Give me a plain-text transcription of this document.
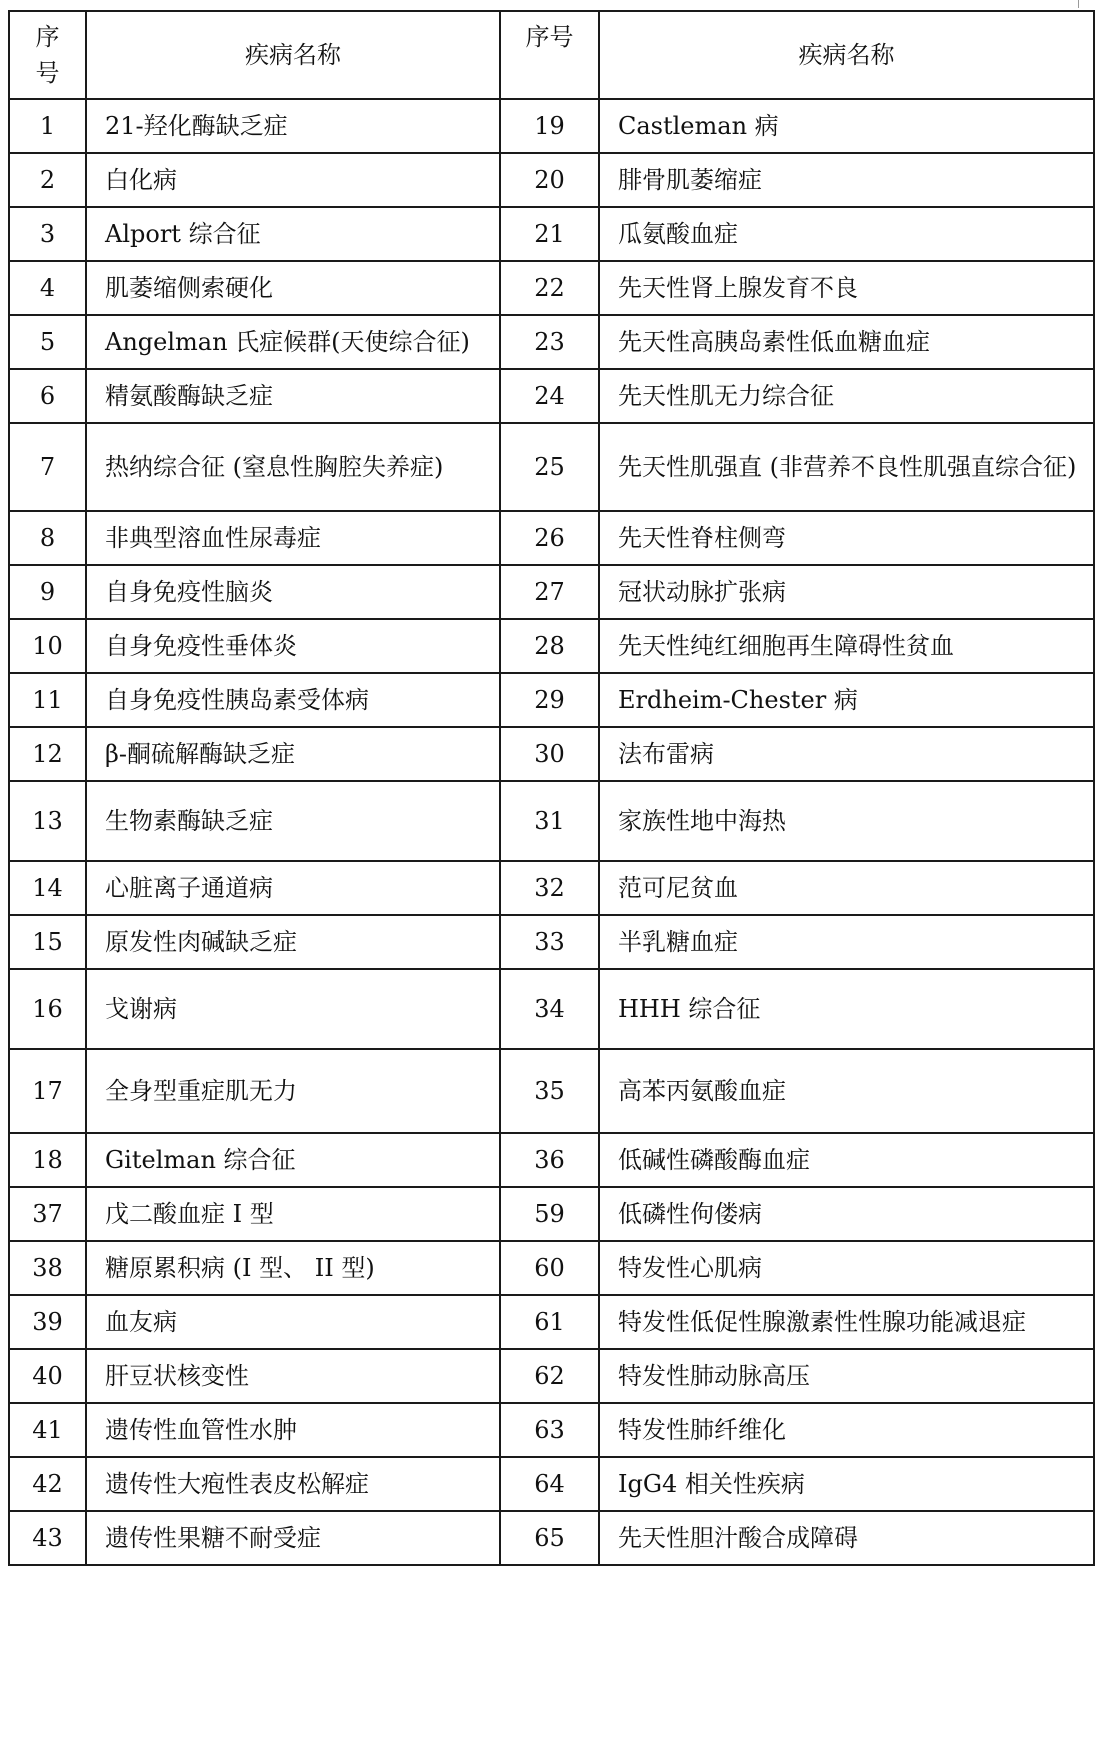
序号	疾病名称	序号	疾病名称
1	21-羟化酶缺乏症	19	Castleman 病
2	白化病	20	腓骨肌萎缩症
3	Alport 综合征	21	瓜氨酸血症
4	肌萎缩侧索硬化	22	先天性肾上腺发育不良
5	Angelman 氏症候群(天使综合征)	23	先天性高胰岛素性低血糖血症
6	精氨酸酶缺乏症	24	先天性肌无力综合征
7	热纳综合征 (窒息性胸腔失养症)	25	先天性肌强直 (非营养不良性肌强直综合征)
8	非典型溶血性尿毒症	26	先天性脊柱侧弯
9	自身免疫性脑炎	27	冠状动脉扩张病
10	自身免疫性垂体炎	28	先天性纯红细胞再生障碍性贫血
11	自身免疫性胰岛素受体病	29	Erdheim-Chester 病
12	β-酮硫解酶缺乏症	30	法布雷病
13	生物素酶缺乏症	31	家族性地中海热
14	心脏离子通道病	32	范可尼贫血
15	原发性肉碱缺乏症	33	半乳糖血症
16	戈谢病	34	HHH 综合征
17	全身型重症肌无力	35	高苯丙氨酸血症
18	Gitelman 综合征	36	低碱性磷酸酶血症
37	戊二酸血症 I 型	59	低磷性佝偻病
38	糖原累积病 (I 型、 II 型)	60	特发性心肌病
39	血友病	61	特发性低促性腺激素性性腺功能减退症
40	肝豆状核变性	62	特发性肺动脉高压
41	遗传性血管性水肿	63	特发性肺纤维化
42	遗传性大疱性表皮松解症	64	IgG4 相关性疾病
43	遗传性果糖不耐受症	65	先天性胆汁酸合成障碍
